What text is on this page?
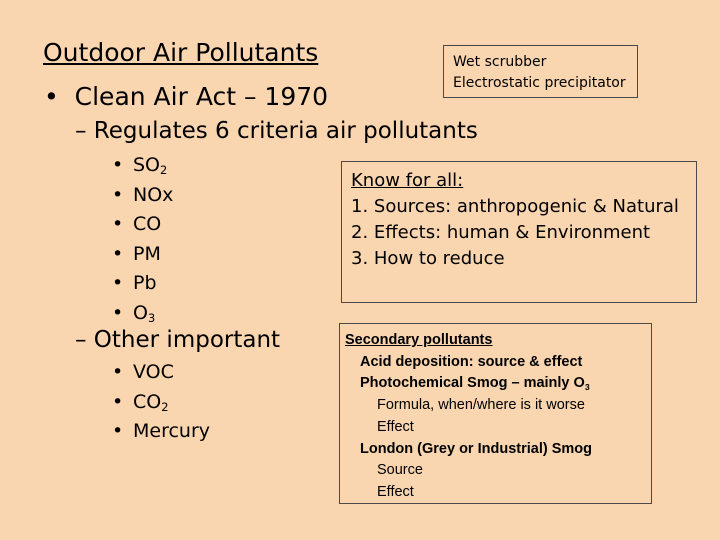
Outdoor Air Pollutants
• Clean Air Act – 1970
– Regulates 6 criteria air pollutants
• $SO_2$
• NOx
• CO
• PM
• Pb
• $O_3$
– Other important
• VOC
• $CO_2$
• Mercury
Wet scrubber
Electrostatic precipitator
Know for all:
1. Sources: anthropogenic & Natural
2. Effects: human & Environment
3. How to reduce
Secondary pollutants
Acid deposition: source & effect
Photochemical Smog – mainly $O_3$
Formula, when/where is it worse
Effect
London (Grey or Industrial) Smog
Source
Effect
